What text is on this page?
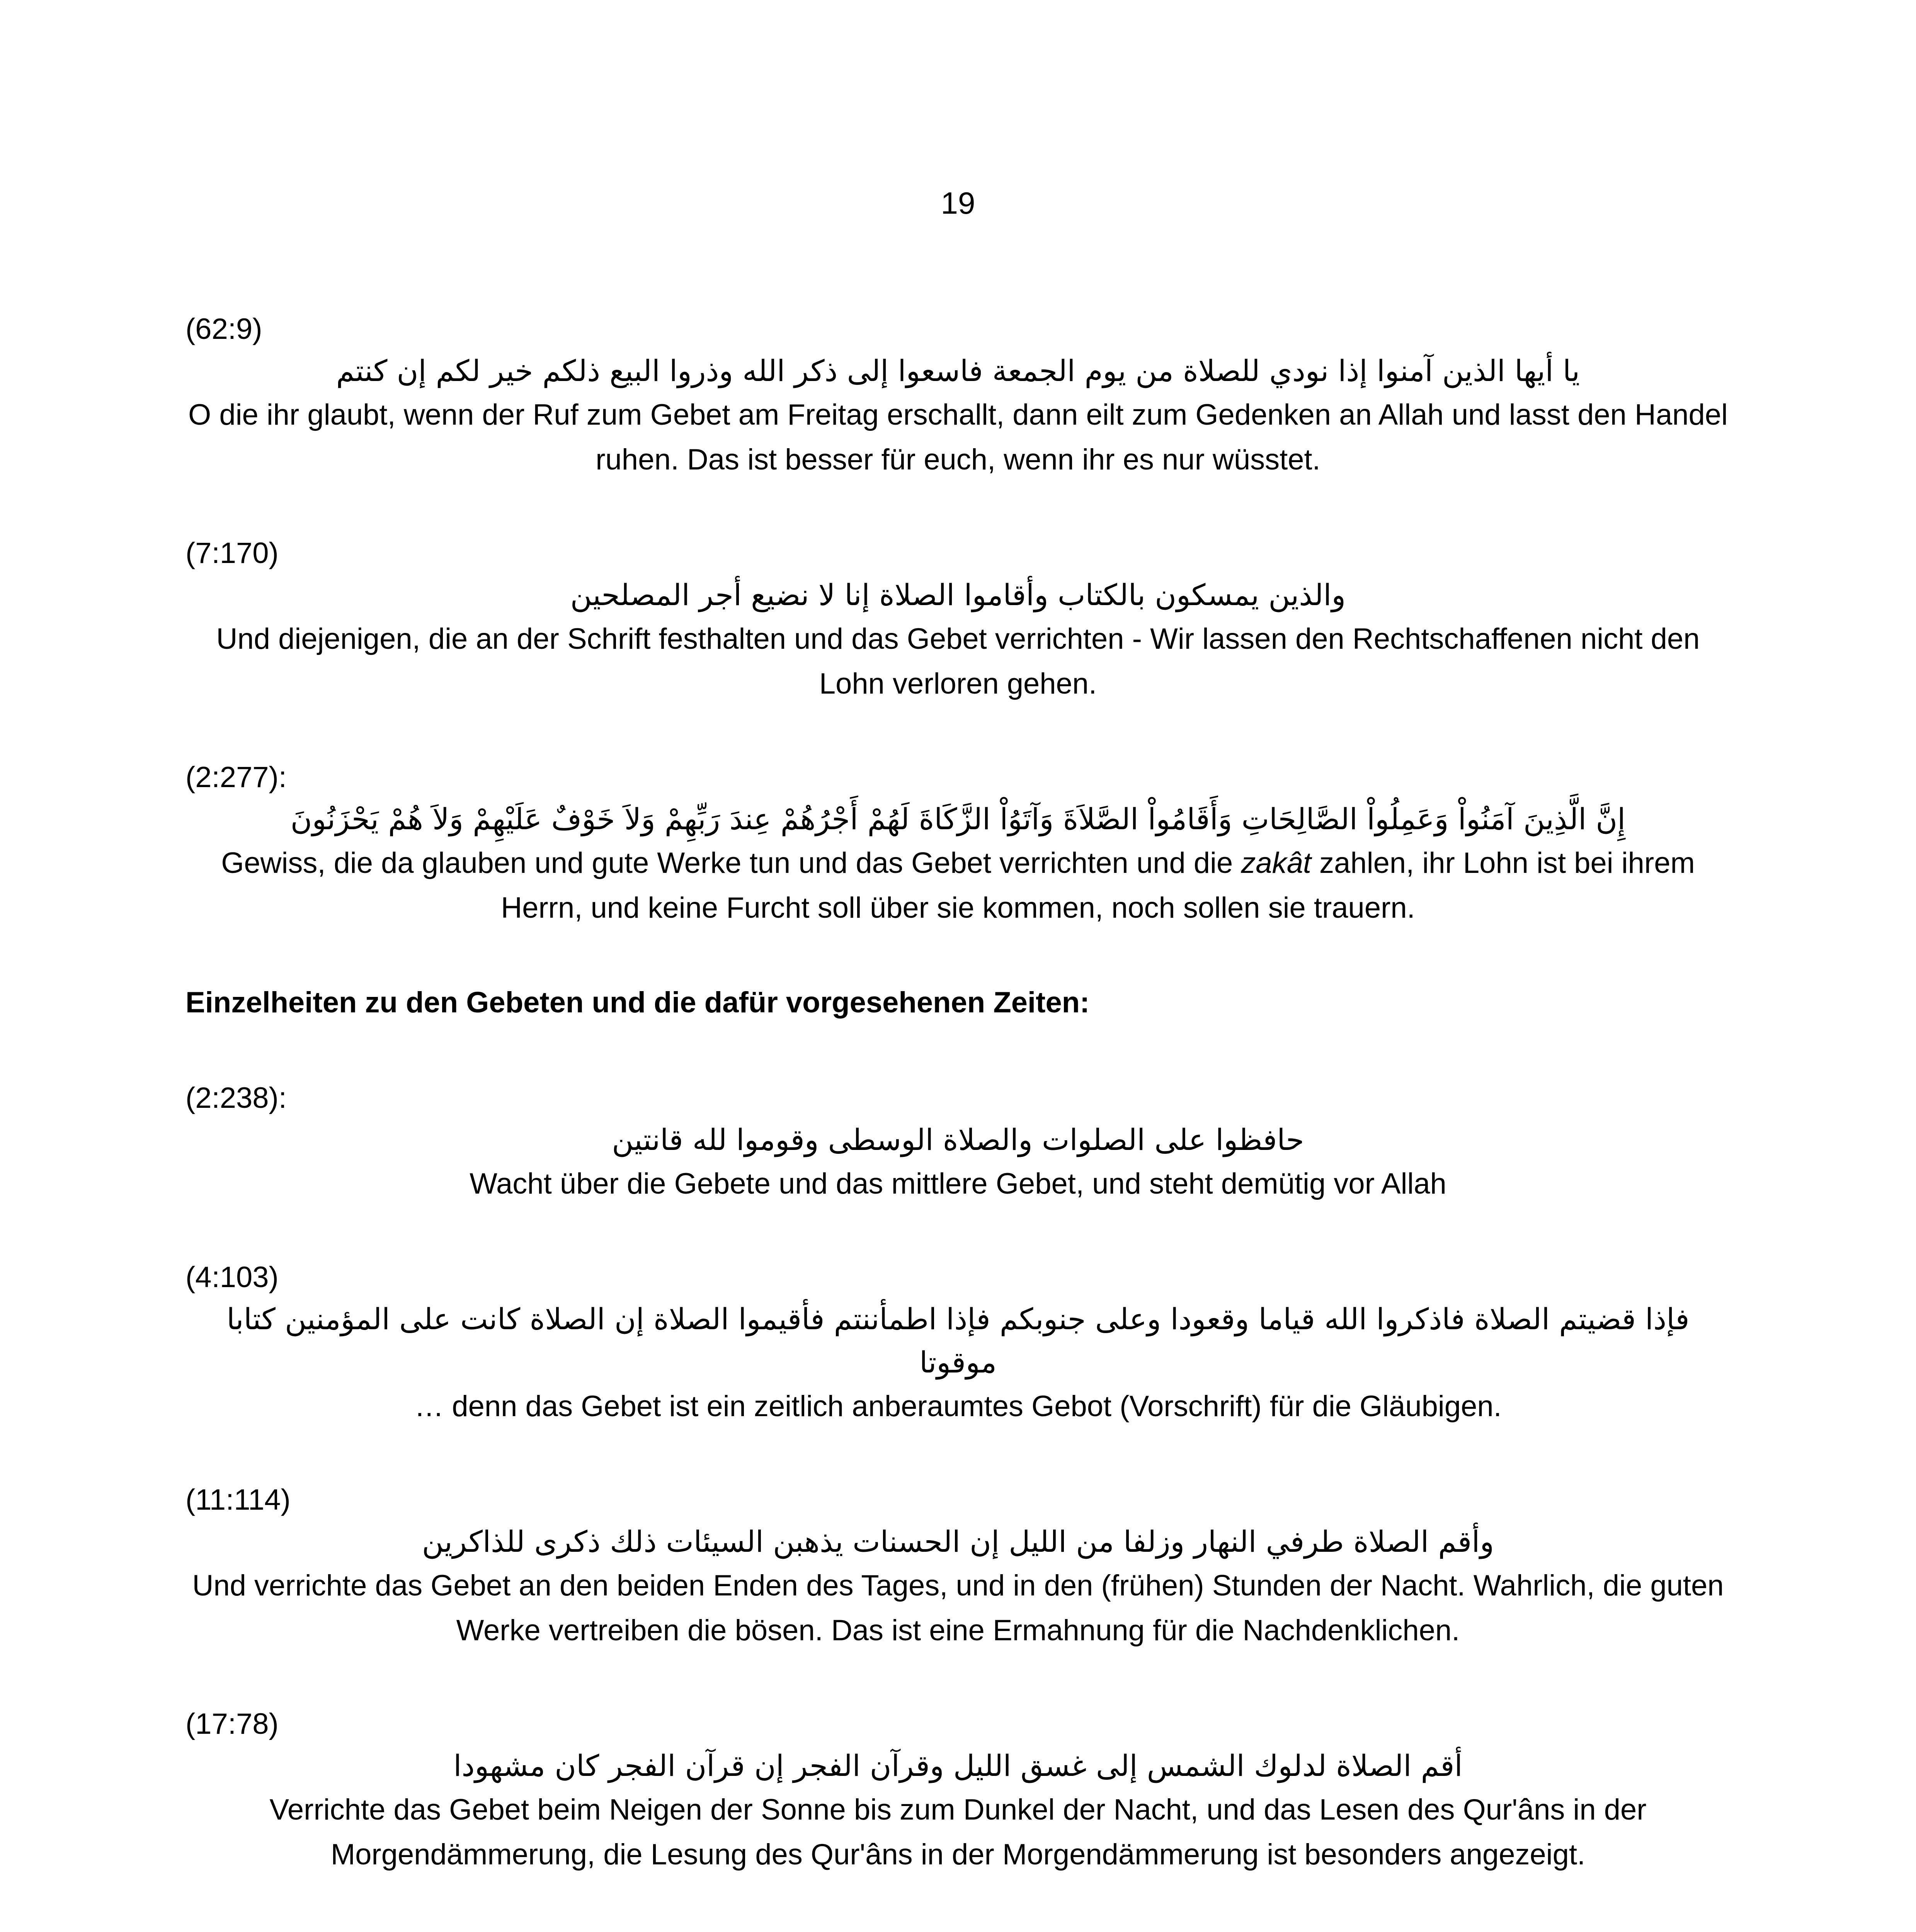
19
(62:9)
يا أيها الذين آمنوا إذا نودي للصلاة من يوم الجمعة فاسعوا إلى ذكر الله وذروا البيع ذلكم خير لكم إن كنتم
O die ihr glaubt, wenn der Ruf zum Gebet am Freitag erschallt, dann eilt zum Gedenken an Allah und lasst den Handel ruhen. Das ist besser für euch, wenn ihr es nur wüsstet.
(7:170)
والذين يمسكون بالكتاب وأقاموا الصلاة إنا لا نضيع أجر المصلحين
Und diejenigen, die an der Schrift festhalten und das Gebet verrichten - Wir lassen den Rechtschaffenen nicht den Lohn verloren gehen.
(2:277):
إِنَّ الَّذِينَ آمَنُواْ وَعَمِلُواْ الصَّالِحَاتِ وَأَقَامُواْ الصَّلاَةَ وَآتَوُاْ الزَّكَاةَ لَهُمْ أَجْرُهُمْ عِندَ رَبِّهِمْ وَلاَ خَوْفٌ عَلَيْهِمْ وَلاَ هُمْ يَحْزَنُونَ
Gewiss, die da glauben und gute Werke tun und das Gebet verrichten und die zakât zahlen, ihr Lohn ist bei ihrem Herrn, und keine Furcht soll über sie kommen, noch sollen sie trauern.
Einzelheiten zu den Gebeten und die dafür vorgesehenen Zeiten:
(2:238):
حافظوا على الصلوات والصلاة الوسطى وقوموا لله قانتين
Wacht über die Gebete und das mittlere Gebet, und steht demütig vor Allah
(4:103)
فإذا قضيتم الصلاة فاذكروا الله قياما وقعودا وعلى جنوبكم فإذا اطمأننتم فأقيموا الصلاة إن الصلاة كانت على المؤمنين كتابا موقوتا
… denn das Gebet ist ein zeitlich anberaumtes Gebot (Vorschrift) für die Gläubigen.
(11:114)
وأقم الصلاة طرفي النهار وزلفا من الليل إن الحسنات يذهبن السيئات ذلك ذكرى للذاكرين
Und verrichte das Gebet an den beiden Enden des Tages, und in den (frühen) Stunden der Nacht. Wahrlich, die guten Werke vertreiben die bösen. Das ist eine Ermahnung für die Nachdenklichen.
(17:78)
أقم الصلاة لدلوك الشمس إلى غسق الليل وقرآن الفجر إن قرآن الفجر كان مشهودا
Verrichte das Gebet beim Neigen der Sonne bis zum Dunkel der Nacht, und das Lesen des Qur'âns in der Morgendämmerung, die Lesung des Qur'âns in der Morgendämmerung ist besonders angezeigt.
